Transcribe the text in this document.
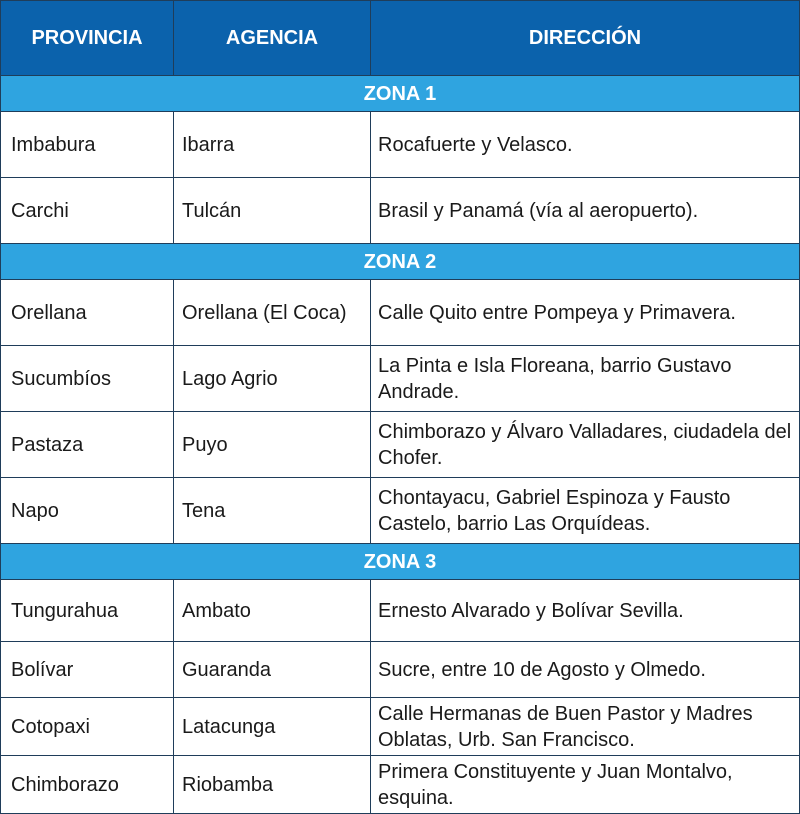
PROVINCIA	AGENCIA	DIRECCIÓN
ZONA 1		
Imbabura	Ibarra	Rocafuerte y Velasco.
Carchi	Tulcán	Brasil y Panamá (vía al aeropuerto).
ZONA 2		
Orellana	Orellana (El Coca)	Calle Quito entre Pompeya y Primavera.
Sucumbíos	Lago Agrio	La Pinta e Isla Floreana, barrio Gustavo Andrade.
Pastaza	Puyo	Chimborazo y Álvaro Valladares, ciudadela del Chofer.
Napo	Tena	Chontayacu, Gabriel Espinoza y Fausto Castelo, barrio Las Orquídeas.
ZONA 3		
Tungurahua	Ambato	Ernesto Alvarado y Bolívar Sevilla.
Bolívar	Guaranda	Sucre, entre 10 de Agosto y Olmedo.
Cotopaxi	Latacunga	Calle Hermanas de Buen Pastor y Madres Oblatas, Urb. San Francisco.
Chimborazo	Riobamba	Primera Constituyente y Juan Montalvo, esquina.
